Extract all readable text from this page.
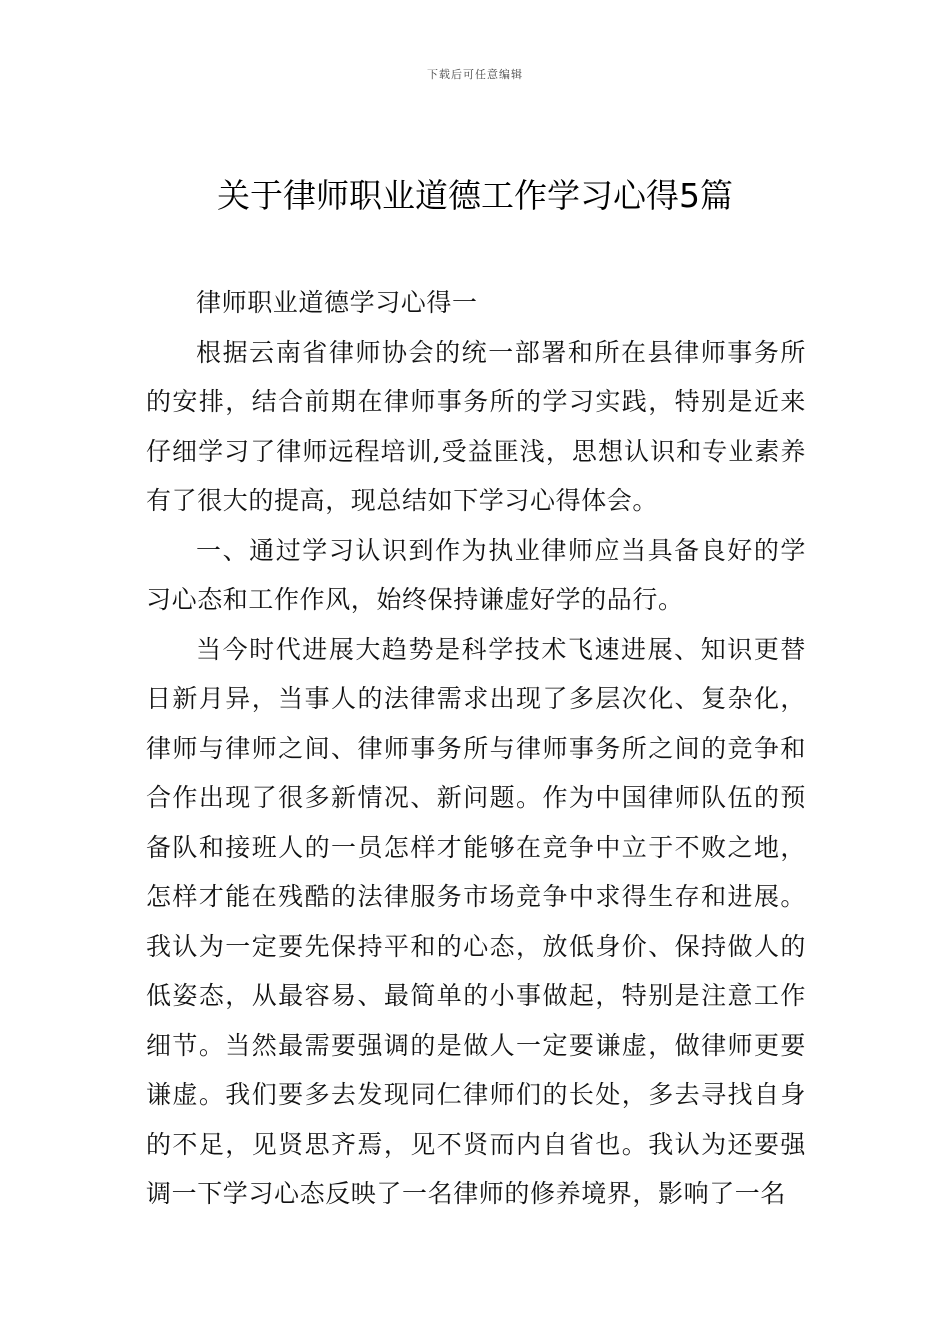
下载后可任意编辑
关于律师职业道德工作学习心得5篇

律师职业道德学习心得一

根据云南省律师协会的统一部署和所在县律师事务所的安排，结合前期在律师事务所的学习实践，特别是近来仔细学习了律师远程培训,受益匪浅，思想认识和专业素养有了很大的提高，现总结如下学习心得体会。

一、通过学习认识到作为执业律师应当具备良好的学习心态和工作作风，始终保持谦虚好学的品行。

当今时代进展大趋势是科学技术飞速进展、知识更替日新月异，当事人的法律需求出现了多层次化、复杂化，律师与律师之间、律师事务所与律师事务所之间的竞争和合作出现了很多新情况、新问题。作为中国律师队伍的预备队和接班人的一员怎样才能够在竞争中立于不败之地，怎样才能在残酷的法律服务市场竞争中求得生存和进展。我认为一定要先保持平和的心态，放低身价、保持做人的低姿态，从最容易、最简单的小事做起，特别是注意工作细节。当然最需要强调的是做人一定要谦虚，做律师更要谦虚。我们要多去发现同仁律师们的长处，多去寻找自身的不足，见贤思齐焉，见不贤而内自省也。我认为还要强调一下学习心态反映了一名律师的修养境界，影响了一名
